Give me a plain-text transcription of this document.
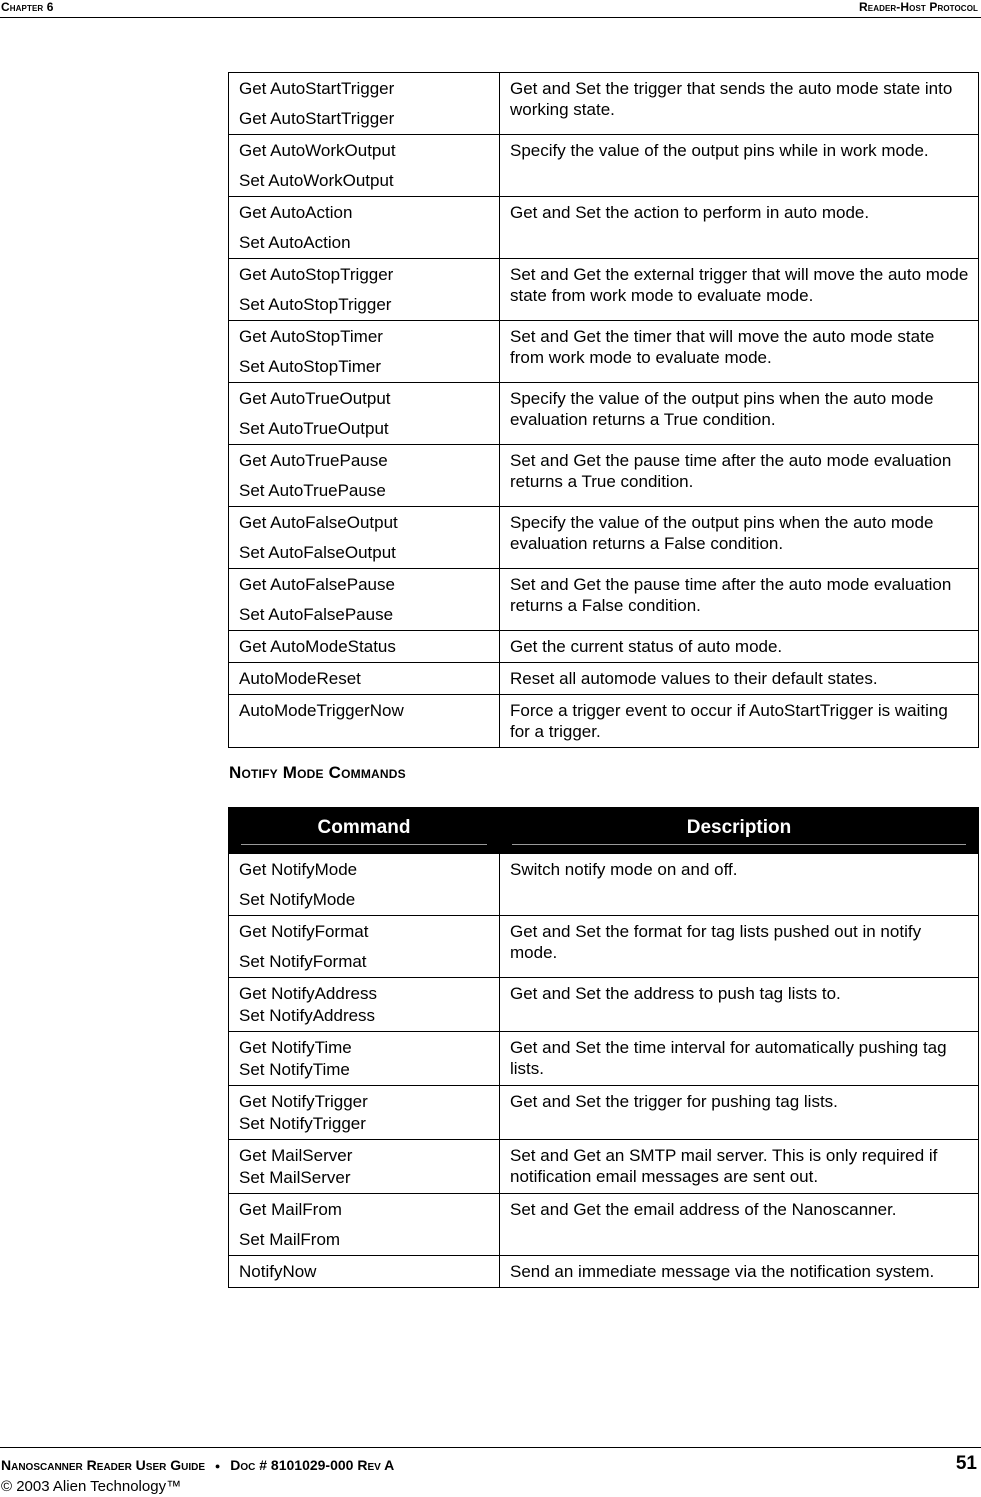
Chapter 6	Reader-Host Protocol
Get AutoStartTrigger
Get AutoStartTrigger	Get and Set the trigger that sends the auto mode state into working state.

Get AutoWorkOutput
Set AutoWorkOutput	Specify the value of the output pins while in work mode.

Get AutoAction
Set AutoAction	Get and Set the action to perform in auto mode.

Get AutoStopTrigger
Set AutoStopTrigger	Set and Get the external trigger that will move the auto mode state from work mode to evaluate mode.

Get AutoStopTimer
Set AutoStopTimer	Set and Get the timer that will move the auto mode state from work mode to evaluate mode.

Get AutoTrueOutput
Set AutoTrueOutput	Specify the value of the output pins when the auto mode evaluation returns a True condition.

Get AutoTruePause
Set AutoTruePause	Set and Get the pause time after the auto mode evaluation returns a True condition.

Get AutoFalseOutput
Set AutoFalseOutput	Specify the value of the output pins when the auto mode evaluation returns a False condition.

Get AutoFalsePause
Set AutoFalsePause	Set and Get the pause time after the auto mode evaluation returns a False condition.

Get AutoModeStatus	Get the current status of auto mode.

AutoModeReset	Reset all automode values to their default states.

AutoModeTriggerNow	Force a trigger event to occur if AutoStartTrigger is waiting for a trigger.
Notify Mode Commands
Command	Description

Get NotifyMode
Set NotifyMode	Switch notify mode on and off.

Get NotifyFormat
Set NotifyFormat	Get and Set the format for tag lists pushed out in notify mode.

Get NotifyAddress
Set NotifyAddress	Get and Set the address to push tag lists to.

Get NotifyTime
Set NotifyTime	Get and Set the time interval for automatically pushing tag lists.

Get NotifyTrigger
Set NotifyTrigger	Get and Set the trigger for pushing tag lists.

Get MailServer
Set MailServer	Set and Get an SMTP mail server. This is only required if notification email messages are sent out.

Get MailFrom
Set MailFrom	Set and Get the email address of the Nanoscanner.

NotifyNow	Send an immediate message via the notification system.
Nanoscanner Reader User Guide ● Doc # 8101029-000 Rev A
© 2003 Alien Technology™
51
